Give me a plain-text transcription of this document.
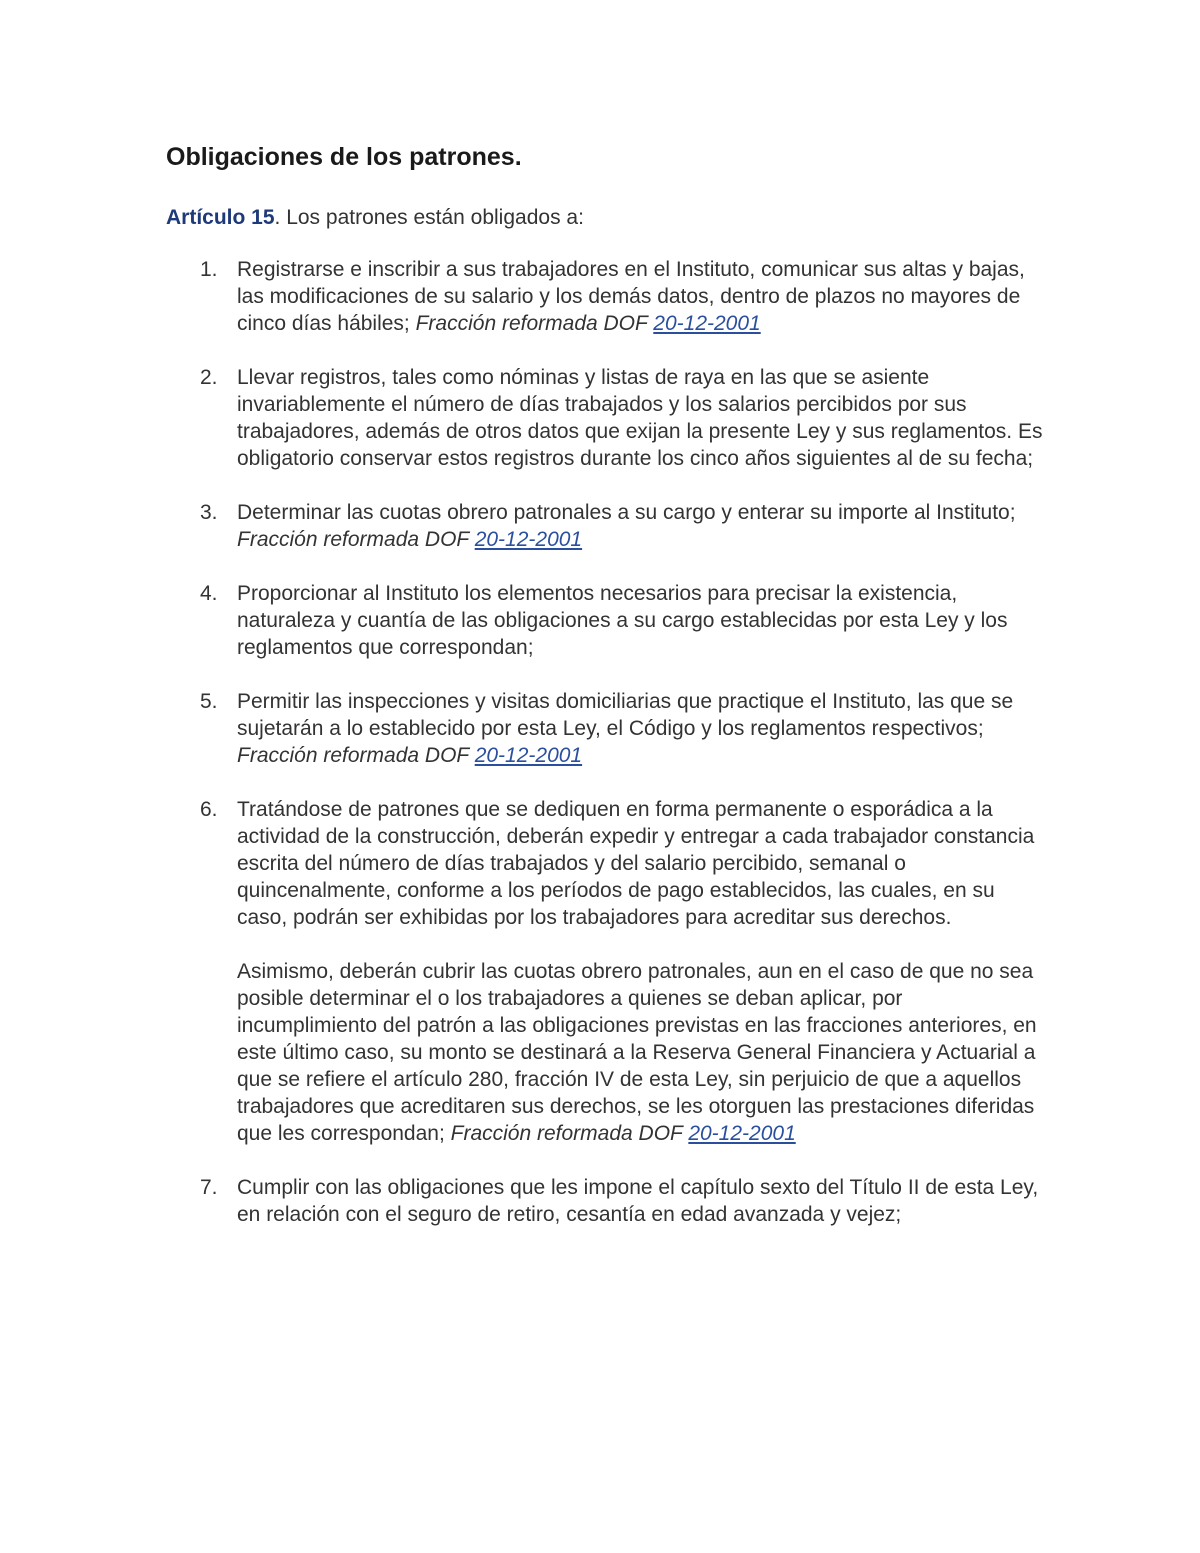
Obligaciones de los patrones.

Artículo 15. Los patrones están obligados a:

1. Registrarse e inscribir a sus trabajadores en el Instituto, comunicar sus altas y bajas, las modificaciones de su salario y los demás datos, dentro de plazos no mayores de cinco días hábiles; Fracción reformada DOF 20-12-2001
2. Llevar registros, tales como nóminas y listas de raya en las que se asiente invariablemente el número de días trabajados y los salarios percibidos por sus trabajadores, además de otros datos que exijan la presente Ley y sus reglamentos. Es obligatorio conservar estos registros durante los cinco años siguientes al de su fecha;
3. Determinar las cuotas obrero patronales a su cargo y enterar su importe al Instituto; Fracción reformada DOF 20-12-2001
4. Proporcionar al Instituto los elementos necesarios para precisar la existencia, naturaleza y cuantía de las obligaciones a su cargo establecidas por esta Ley y los reglamentos que correspondan;
5. Permitir las inspecciones y visitas domiciliarias que practique el Instituto, las que se sujetarán a lo establecido por esta Ley, el Código y los reglamentos respectivos; Fracción reformada DOF 20-12-2001
6. Tratándose de patrones que se dediquen en forma permanente o esporádica a la actividad de la construcción, deberán expedir y entregar a cada trabajador constancia escrita del número de días trabajados y del salario percibido, semanal o quincenalmente, conforme a los períodos de pago establecidos, las cuales, en su caso, podrán ser exhibidas por los trabajadores para acreditar sus derechos.
Asimismo, deberán cubrir las cuotas obrero patronales, aun en el caso de que no sea posible determinar el o los trabajadores a quienes se deban aplicar, por incumplimiento del patrón a las obligaciones previstas en las fracciones anteriores, en este último caso, su monto se destinará a la Reserva General Financiera y Actuarial a que se refiere el artículo 280, fracción IV de esta Ley, sin perjuicio de que a aquellos trabajadores que acreditaren sus derechos, se les otorguen las prestaciones diferidas que les correspondan; Fracción reformada DOF 20-12-2001
7. Cumplir con las obligaciones que les impone el capítulo sexto del Título II de esta Ley, en relación con el seguro de retiro, cesantía en edad avanzada y vejez;
